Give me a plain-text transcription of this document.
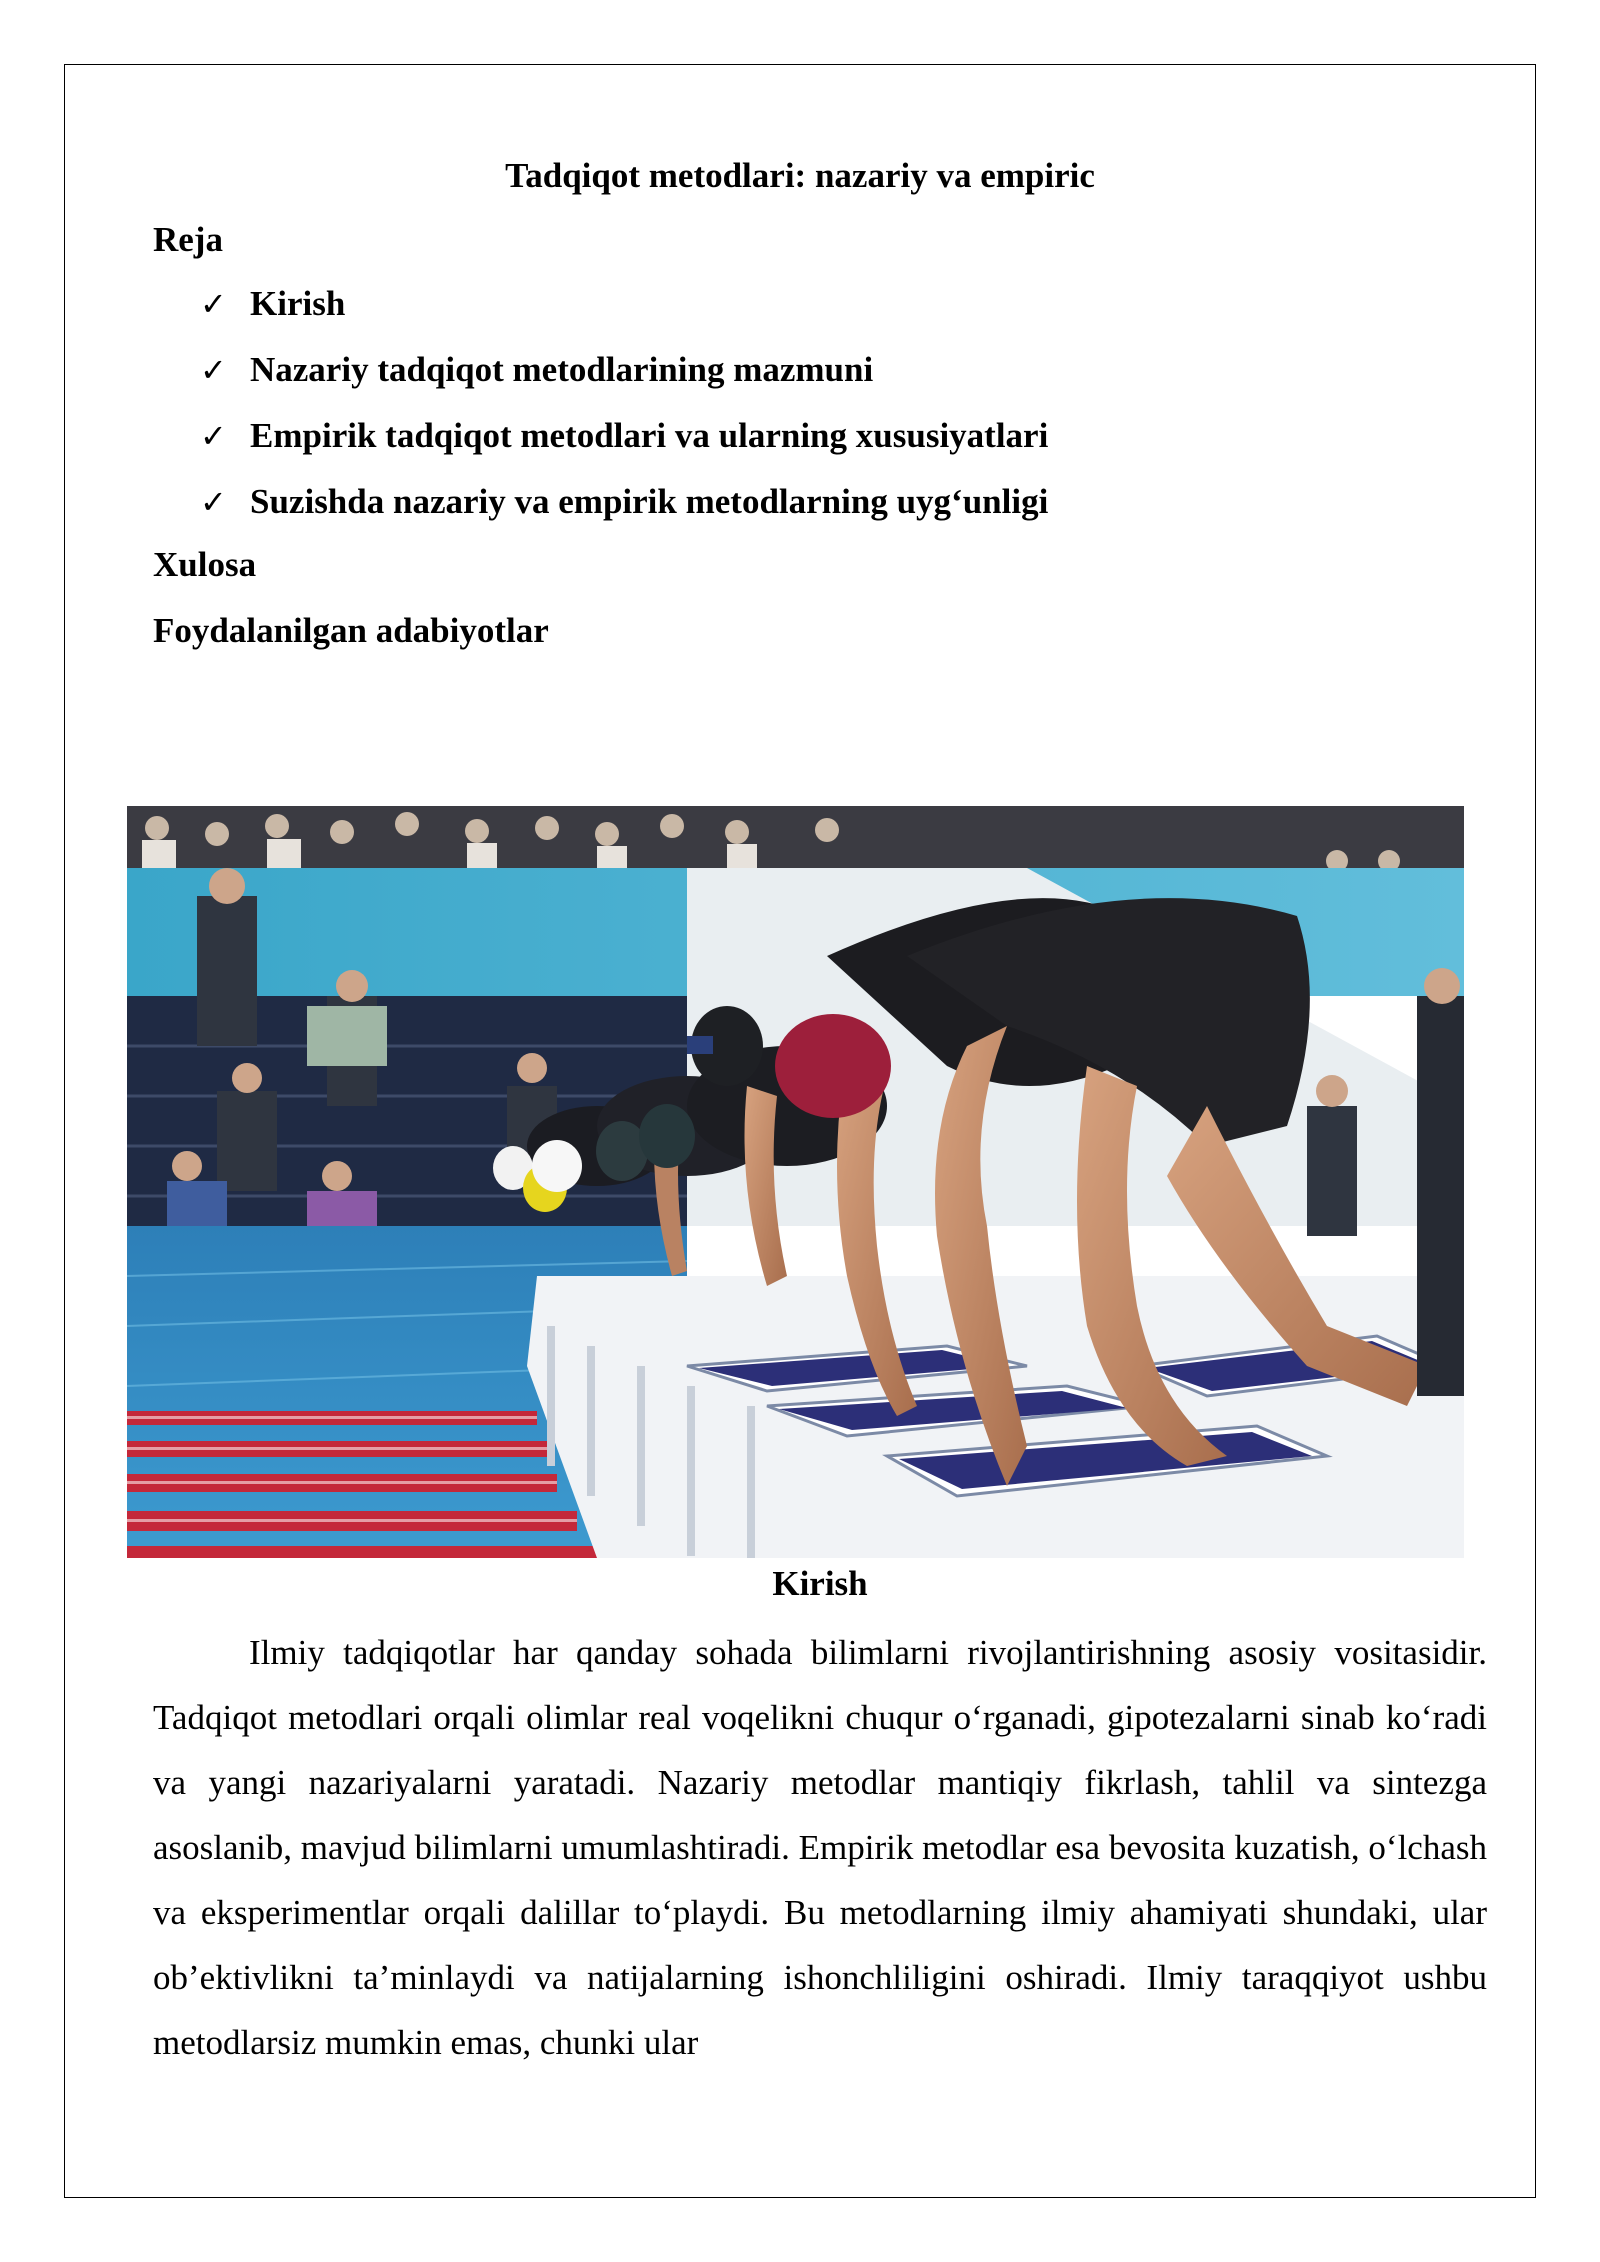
Tadqiqot metodlari: nazariy va empiric

Reja

✓ Kirish
✓ Nazariy tadqiqot metodlarining mazmuni
✓ Empirik tadqiqot metodlari va ularning xususiyatlari
✓ Suzishda nazariy va empirik metodlarning uyg‘unligi

Xulosa

Foydalanilgan adabiyotlar

Kirish

Ilmiy tadqiqotlar har qanday sohada bilimlarni rivojlantirishning asosiy vositasidir. Tadqiqot metodlari orqali olimlar real voqelikni chuqur o‘rganadi, gipotezalarni sinab ko‘radi va yangi nazariyalarni yaratadi. Nazariy metodlar mantiqiy fikrlash, tahlil va sintezga asoslanib, mavjud bilimlarni umumlashtiradi. Empirik metodlar esa bevosita kuzatish, o‘lchash va eksperimentlar orqali dalillar to‘playdi. Bu metodlarning ilmiy ahamiyati shundaki, ular ob’ektivlikni ta’minlaydi va natijalarning ishonchliligini oshiradi. Ilmiy taraqqiyot ushbu metodlarsiz mumkin emas, chunki ular
